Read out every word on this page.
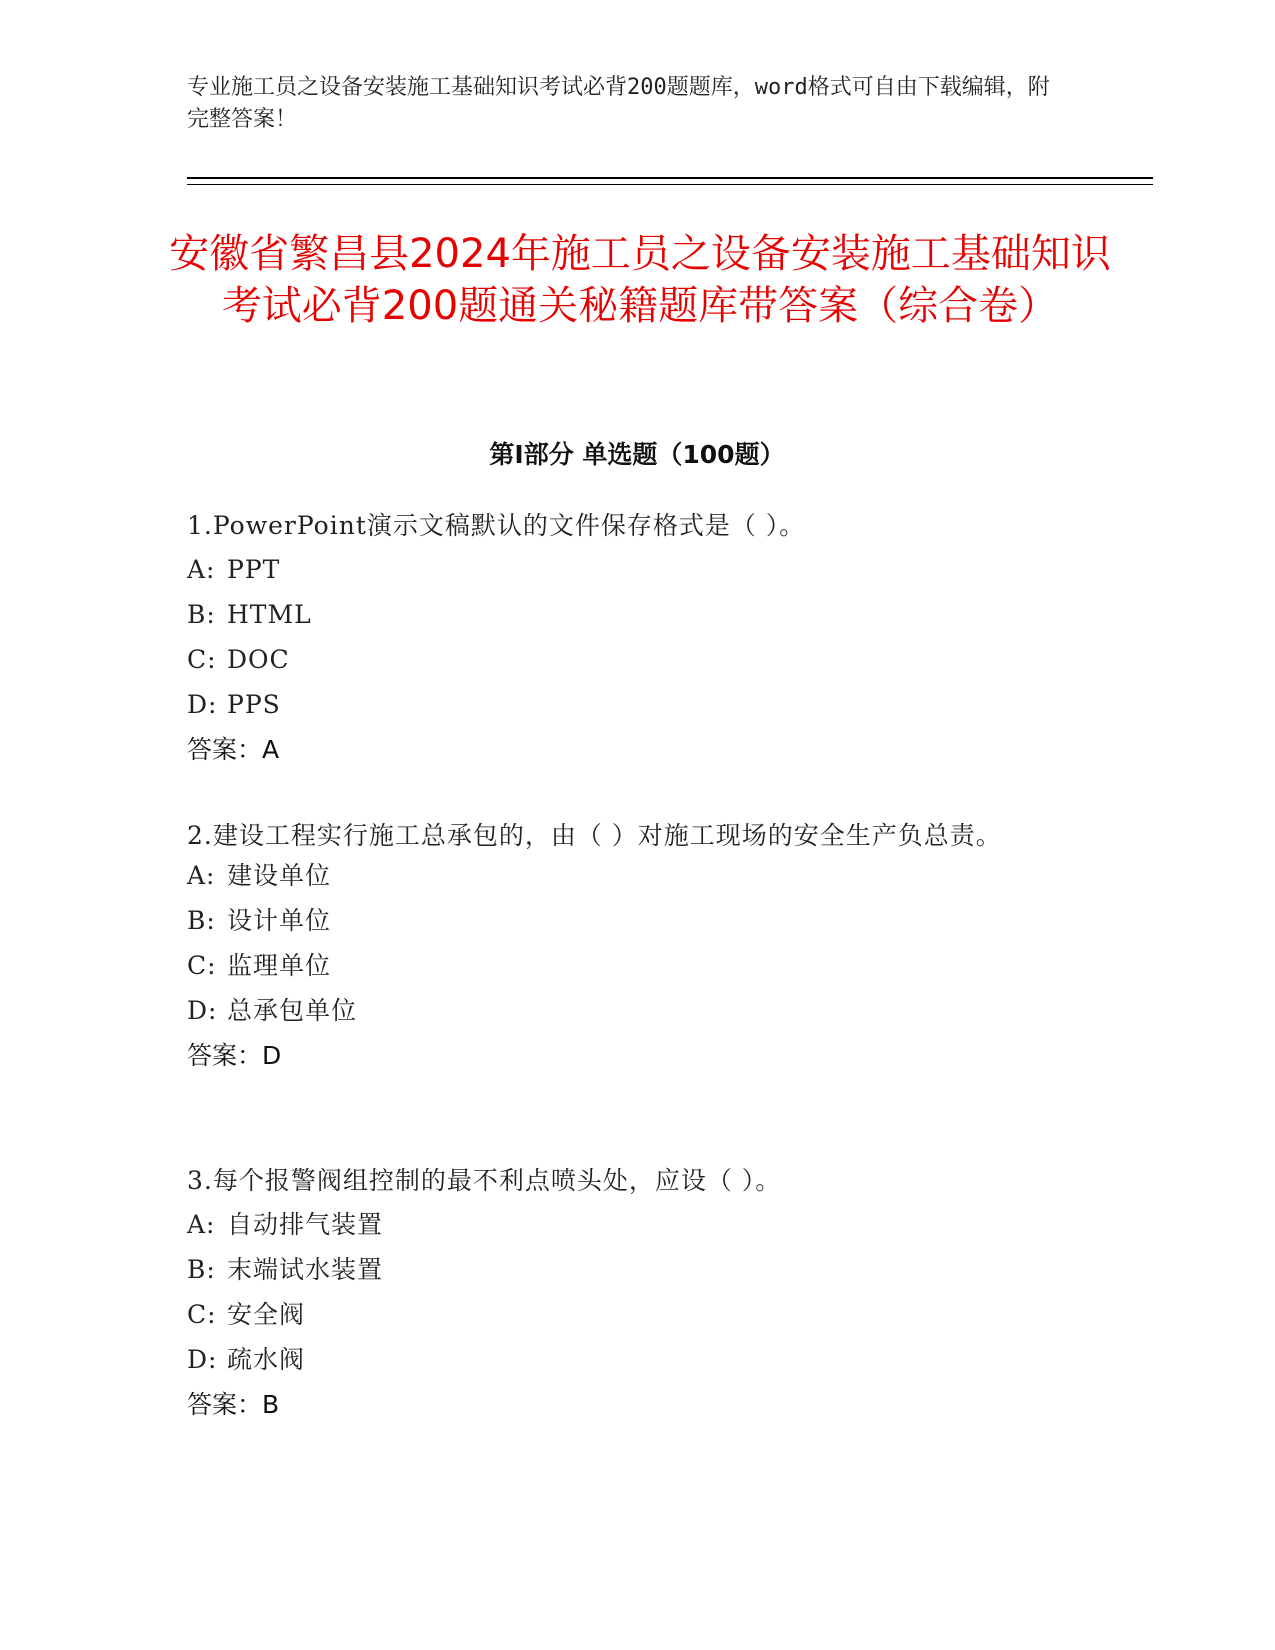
专业施工员之设备安装施工基础知识考试必背200题题库，word格式可自由下载编辑，附完整答案！
安徽省繁昌县2024年施工员之设备安装施工基础知识考试必背200题通关秘籍题库带答案（综合卷）
第Ⅰ部分 单选题（100题）

1.PowerPoint演示文稿默认的文件保存格式是（ ）。

A: PPT
B: HTML
C: DOC
D: PPS
答案：A

2.建设工程实行施工总承包的，由（ ）对施工现场的安全生产负总责。

A: 建设单位
B: 设计单位
C: 监理单位
D: 总承包单位
答案：D

3.每个报警阀组控制的最不利点喷头处，应设（ ）。

A: 自动排气装置
B: 末端试水装置
C: 安全阀
D: 疏水阀
答案：B
